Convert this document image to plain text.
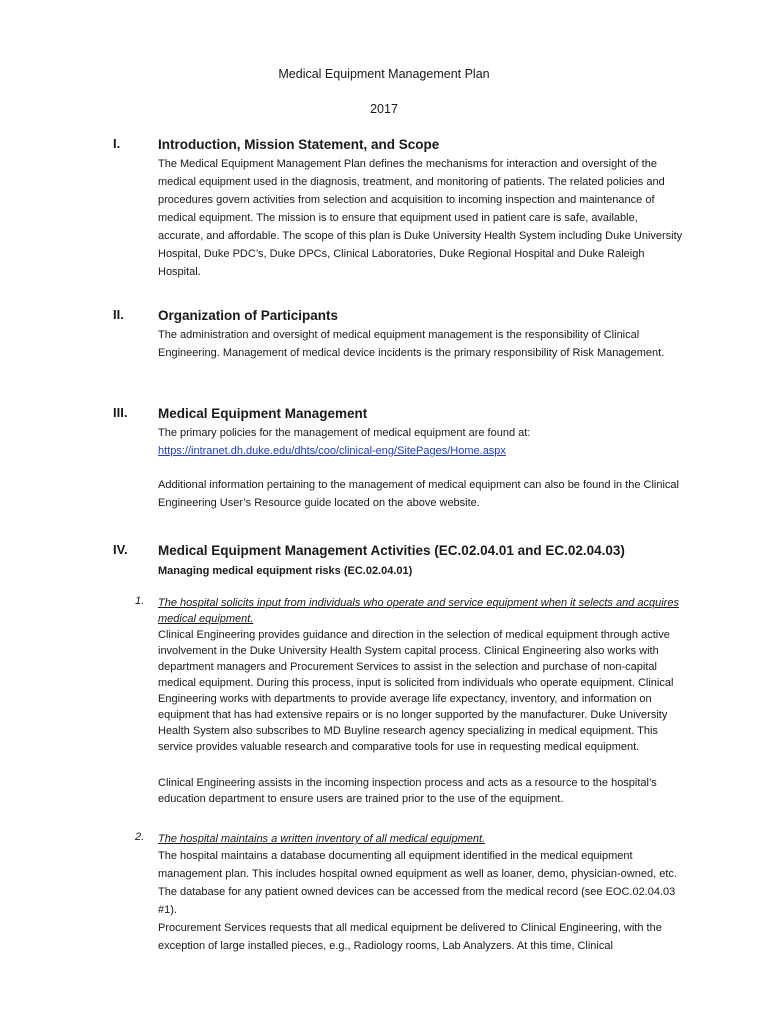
Medical Equipment Management Plan
2017
I.	Introduction, Mission Statement, and Scope
The Medical Equipment Management Plan defines the mechanisms for interaction and oversight of the medical equipment used in the diagnosis, treatment, and monitoring of patients. The related policies and procedures govern activities from selection and acquisition to incoming inspection and maintenance of medical equipment. The mission is to ensure that equipment used in patient care is safe, available, accurate, and affordable. The scope of this plan is Duke University Health System including Duke University Hospital, Duke PDC’s, Duke DPCs, Clinical Laboratories, Duke Regional Hospital and Duke Raleigh Hospital.
II.	Organization of Participants
The administration and oversight of medical equipment management is the responsibility of Clinical Engineering. Management of medical device incidents is the primary responsibility of Risk Management.
III. Medical Equipment Management
The primary policies for the management of medical equipment are found at:
https://intranet.dh.duke.edu/dhts/coo/clinical-eng/SitePages/Home.aspx
Additional information pertaining to the management of medical equipment can also be found in the Clinical Engineering User’s Resource guide located on the above website.
IV. Medical Equipment Management Activities (EC.02.04.01 and EC.02.04.03)
Managing medical equipment risks (EC.02.04.01)
1. The hospital solicits input from individuals who operate and service equipment when it selects and acquires medical equipment.
Clinical Engineering provides guidance and direction in the selection of medical equipment through active involvement in the Duke University Health System capital process. Clinical Engineering also works with department managers and Procurement Services to assist in the selection and purchase of non-capital medical equipment. During this process, input is solicited from individuals who operate equipment. Clinical Engineering works with departments to provide average life expectancy, inventory, and information on equipment that has had extensive repairs or is no longer supported by the manufacturer. Duke University Health System also subscribes to MD Buyline research agency specializing in medical equipment. This service provides valuable research and comparative tools for use in requesting medical equipment.
Clinical Engineering assists in the incoming inspection process and acts as a resource to the hospital’s education department to ensure users are trained prior to the use of the equipment.
2. The hospital maintains a written inventory of all medical equipment.
The hospital maintains a database documenting all equipment identified in the medical equipment management plan. This includes hospital owned equipment as well as loaner, demo, physician-owned, etc. The database for any patient owned devices can be accessed from the medical record (see EOC.02.04.03 #1).
Procurement Services requests that all medical equipment be delivered to Clinical Engineering, with the exception of large installed pieces, e.g., Radiology rooms, Lab Analyzers. At this time, Clinical
